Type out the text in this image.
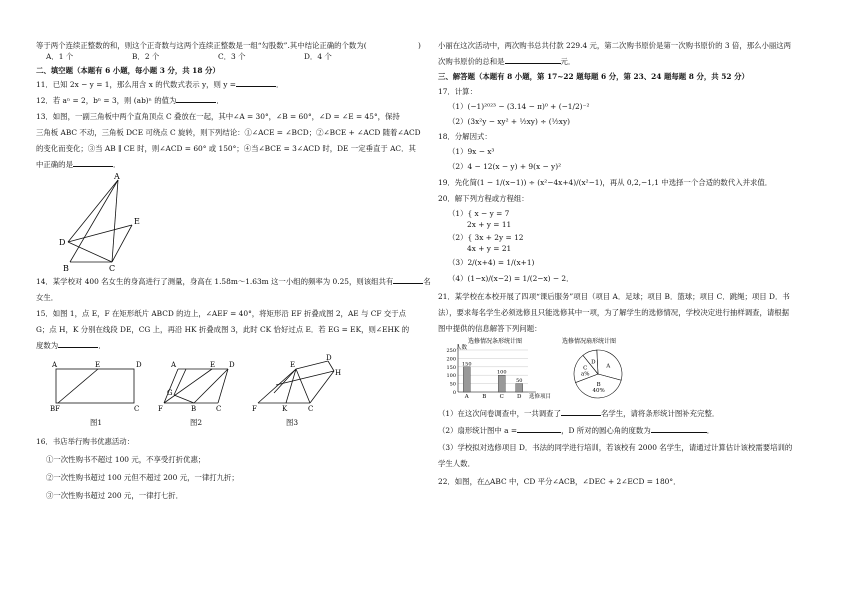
等于两个连续正整数的和，则这个正奇数与这两个连续正整数是一组“勾股数”.其中结论正确的个数为(	)
A．1 个	B．2 个	C．3 个	D．4 个
二、填空题（本题有 6 小题，每小题 3 分，共 18 分）
11．已知 2x − y = 1，那么用含 x 的代数式表示 y，则 y =	．
12．若 aⁿ = 2，bⁿ = 3，则 (ab)ⁿ 的值为	．
13．如图，一副三角板中两个直角顶点 C 叠放在一起，其中∠A = 30°，∠B = 60°，∠D = ∠E = 45°，保持
三角板 ABC 不动，三角板 DCE 可绕点 C 旋转，则下列结论：①∠ACE = ∠BCD；②∠BCE + ∠ACD 随着∠ACD
的变化而变化；③当 AB ∥ CE 时，则∠ACD = 60° 或 150°；④当∠BCE = 3∠ACD 时，DE 一定垂直于 AC．其
中正确的是	．
A
E
D
B	C
14．某学校对 400 名女生的身高进行了测量，身高在 1.58m～1.63m 这一小组的频率为 0.25，则该组共有	名
女生．
15．如图 1，点 E，F 在矩形纸片 ABCD 的边上，∠AEF = 40°，将矩形沿 EF 折叠成图 2，AE 与 CF 交于点
G；点 H，K 分别在线段 DE，CG 上，再沿 HK 折叠成图 3，此时 CK 恰好过点 E．若 EG = EK，则∠EHK 的
度数为	．
A	E	D
BF	C
A	E D
F
G
B	C
D
H
E
F	K	C
图1	图2	图3
16．书店举行购书优惠活动：
①一次性购书不超过 100 元，不享受打折优惠；
②一次性购书超过 100 元但不超过 200 元，一律打九折；
③一次性购书超过 200 元，一律打七折．
小丽在这次活动中，两次购书总共付款 229.4 元，第二次购书原价是第一次购书原价的 3 倍，那么小丽这两
次购书原价的总和是	元．
三、解答题（本题有 8 小题，第 17~22 题每题 6 分，第 23、24 题每题 8 分，共 52 分）
17．计算：
（1）(−1)²⁰²³ − (3.14 − π)⁰ + (−1/2)⁻²
（2）(3x²y − xy² + ½xy) ÷ (½xy)
18．分解因式：
（1）9x − x³
（2）4 − 12(x − y) + 9(x − y)²
19．先化简(1 − 1/(x−1)) ÷ (x²−4x+4)/(x²−1)，再从 0,2,−1,1 中选择一个合适的数代入并求值．
20．解下列方程或方程组：
（1）{ x − y = 7
2x + y = 11
（2）{ 3x + 2y = 12
4x + y = 21
（3）2/(x+4) = 1/(x+1)
（4）(1−x)/(x−2) = 1/(2−x) − 2．
21．某学校在本校开展了四项“课后服务”项目（项目 A．足球；项目 B．篮球；项目 C．跳绳；项目 D．书
法），要求每名学生必须选修且只能选修其中一项，为了解学生的选修情况，学校决定进行抽样调查，请根据
图中提供的信息解答下列问题：
选修情况条形统计图
人数
选修项目
0
50
100
150
200
250
150
A B
100
C
50
D
选修情况扇形统计图
A
B
40%
C
a%
D
（1）在这次问卷调查中，一共调查了	名学生，请将条形统计图补充完整．
（2）扇形统计图中 a =	，D 所对的圆心角的度数为	．
（3）学校拟对选修项目 D．书法的同学进行培训，若该校有 2000 名学生，请通过计算估计该校需要培训的
学生人数．
22．如图，在△ABC 中，CD 平分∠ACB，∠DEC + 2∠ECD = 180°．
